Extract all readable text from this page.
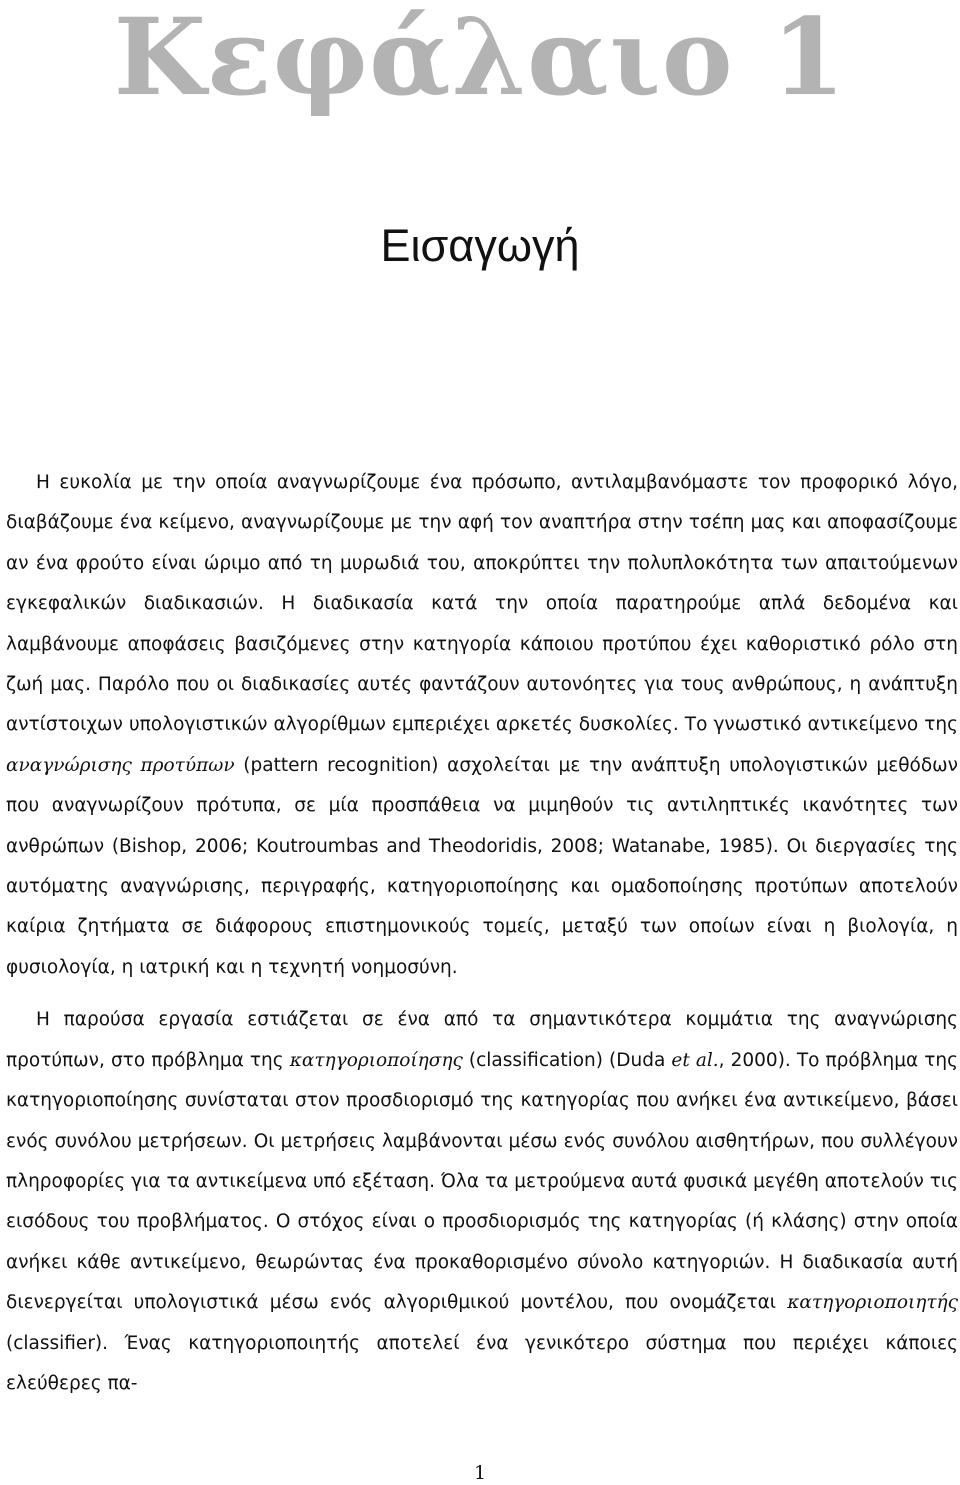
Κεφάλαιο 1
Εισαγωγή

Η ευκολία με την οποία αναγνωρίζουμε ένα πρόσωπο, αντιλαμβανόμαστε τον προφορικό λόγο, διαβάζουμε ένα κείμενο, αναγνωρίζουμε με την αφή τον αναπτήρα στην τσέπη μας και αποφασίζουμε αν ένα φρούτο είναι ώριμο από τη μυρωδιά του, αποκρύπτει την πολυπλοκότητα των απαιτούμενων εγκεφαλικών διαδικασιών. Η διαδικασία κατά την οποία παρατηρούμε απλά δεδομένα και λαμβάνουμε αποφάσεις βασιζόμενες στην κατηγορία κάποιου προτύπου έχει καθοριστικό ρόλο στη ζωή μας. Παρόλο που οι διαδικασίες αυτές φαντάζουν αυτονόητες για τους ανθρώπους, η ανάπτυξη αντίστοιχων υπολογιστικών αλγορίθμων εμπεριέχει αρκετές δυσκολίες. Το γνωστικό αντικείμενο της αναγνώρισης προτύπων (pattern recognition) ασχολείται με την ανάπτυξη υπολογιστικών μεθόδων που αναγνωρίζουν πρότυπα, σε μία προσπάθεια να μιμηθούν τις αντιληπτικές ικανότητες των ανθρώπων (Bishop, 2006; Koutroumbas and Theodoridis, 2008; Watanabe, 1985). Οι διεργασίες της αυτόματης αναγνώρισης, περιγραφής, κατηγοριοποίησης και ομαδοποίησης προτύπων αποτελούν καίρια ζητήματα σε διάφορους επιστημονικούς τομείς, μεταξύ των οποίων είναι η βιολογία, η φυσιολογία, η ιατρική και η τεχνητή νοημοσύνη.

Η παρούσα εργασία εστιάζεται σε ένα από τα σημαντικότερα κομμάτια της αναγνώρισης προτύπων, στο πρόβλημα της κατηγοριοποίησης (classification) (Duda et al., 2000). Το πρόβλημα της κατηγοριοποίησης συνίσταται στον προσδιορισμό της κατηγορίας που ανήκει ένα αντικείμενο, βάσει ενός συνόλου μετρήσεων. Οι μετρήσεις λαμβάνονται μέσω ενός συνόλου αισθητήρων, που συλλέγουν πληροφορίες για τα αντικείμενα υπό εξέταση. Όλα τα μετρούμενα αυτά φυσικά μεγέθη αποτελούν τις εισόδους του προβλήματος. Ο στόχος είναι ο προσδιορισμός της κατηγορίας (ή κλάσης) στην οποία ανήκει κάθε αντικείμενο, θεωρώντας ένα προκαθορισμένο σύνολο κατηγοριών. Η διαδικασία αυτή διενεργείται υπολογιστικά μέσω ενός αλγοριθμικού μοντέλου, που ονομάζεται κατηγοριοποιητής (classifier). Ένας κατηγοριοποιητής αποτελεί ένα γενικότερο σύστημα που περιέχει κάποιες ελεύθερες πα-

1
